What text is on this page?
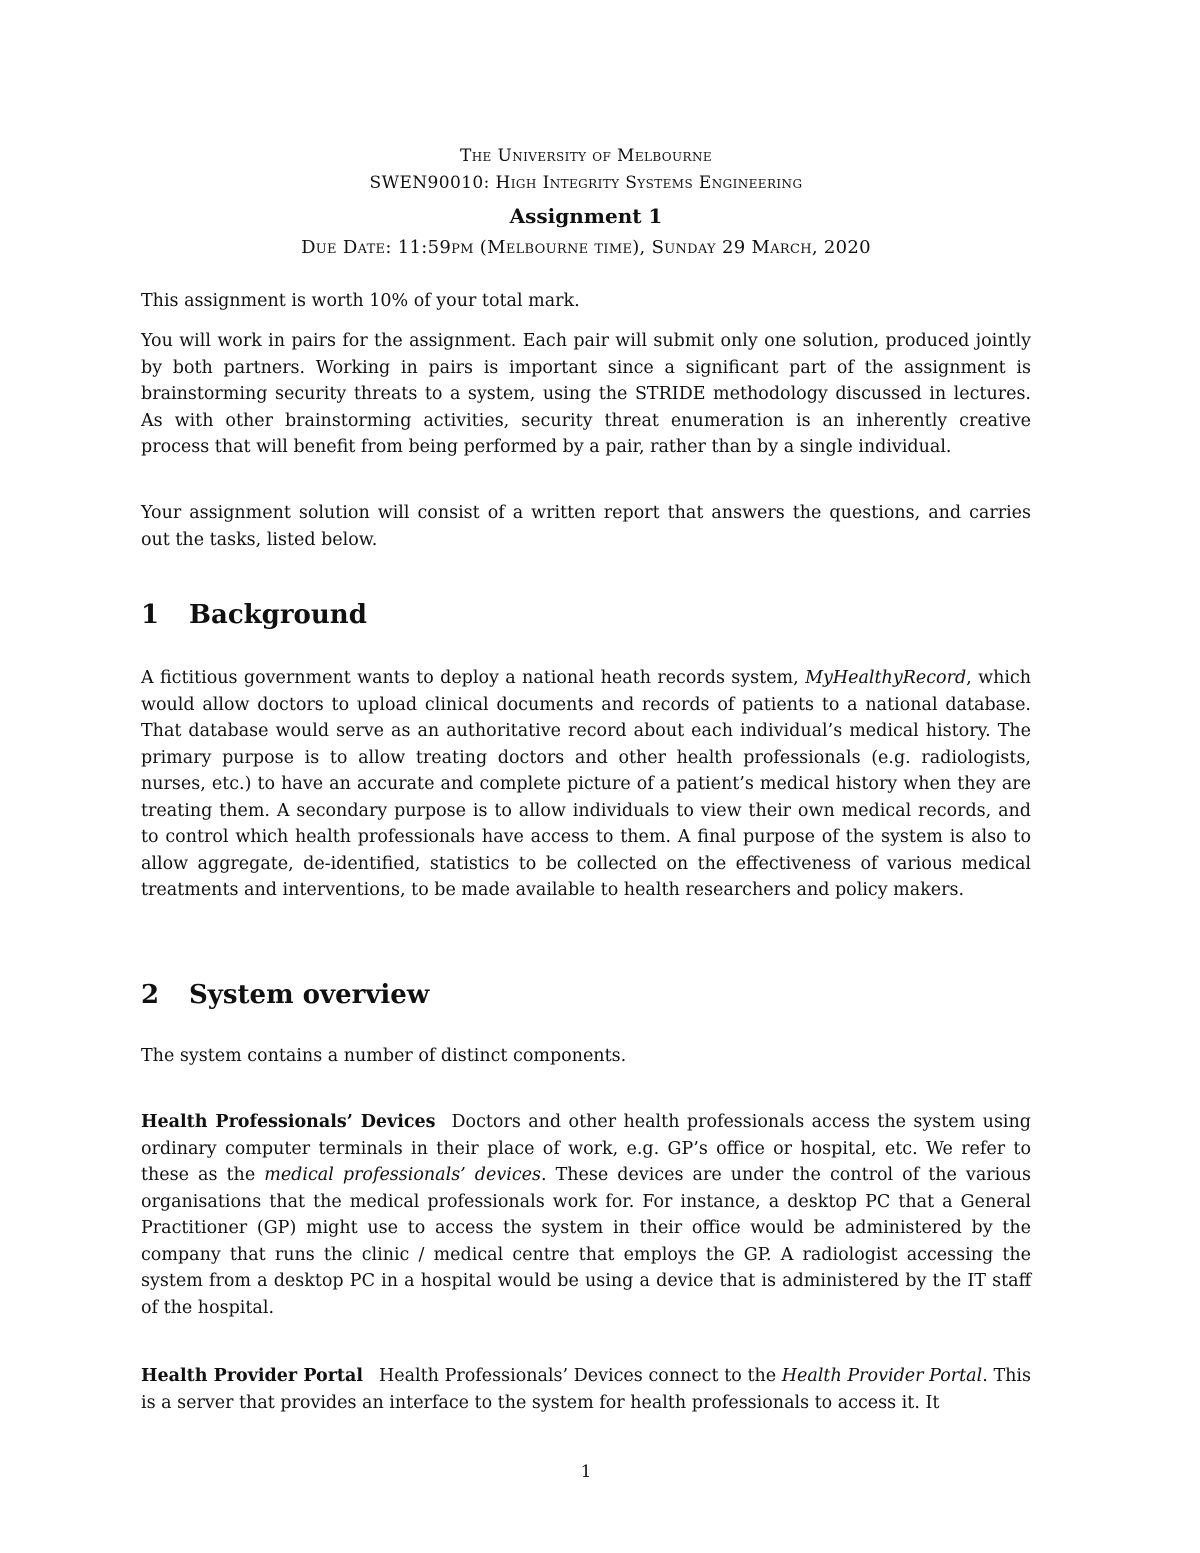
The University of Melbourne

SWEN90010: High Integrity Systems Engineering

Assignment 1

Due Date: 11:59pm (Melbourne time), Sunday 29 March, 2020

This assignment is worth 10% of your total mark.

You will work in pairs for the assignment. Each pair will submit only one solution, produced jointly by both partners. Working in pairs is important since a significant part of the assignment is brainstorming security threats to a system, using the STRIDE methodology discussed in lectures. As with other brainstorming activities, security threat enumeration is an inherently creative process that will benefit from being performed by a pair, rather than by a single individual.

Your assignment solution will consist of a written report that answers the questions, and carries out the tasks, listed below.

1 Background

A fictitious government wants to deploy a national heath records system, MyHealthyRecord, which would allow doctors to upload clinical documents and records of patients to a national database. That database would serve as an authoritative record about each individual’s medical history. The primary purpose is to allow treating doctors and other health professionals (e.g. radiologists, nurses, etc.) to have an accurate and complete picture of a patient’s medical history when they are treating them. A secondary purpose is to allow individuals to view their own medical records, and to control which health professionals have access to them. A final purpose of the system is also to allow aggregate, de-identified, statistics to be collected on the effectiveness of various medical treatments and interventions, to be made available to health researchers and policy makers.

2 System overview

The system contains a number of distinct components.

Health Professionals’ Devices Doctors and other health professionals access the system using ordinary computer terminals in their place of work, e.g. GP’s office or hospital, etc. We refer to these as the medical professionals’ devices. These devices are under the control of the various organisations that the medical professionals work for. For instance, a desktop PC that a General Practitioner (GP) might use to access the system in their office would be administered by the company that runs the clinic / medical centre that employs the GP. A radiologist accessing the system from a desktop PC in a hospital would be using a device that is administered by the IT staff of the hospital.

Health Provider Portal Health Professionals’ Devices connect to the Health Provider Portal. This is a server that provides an interface to the system for health professionals to access it. It

1
